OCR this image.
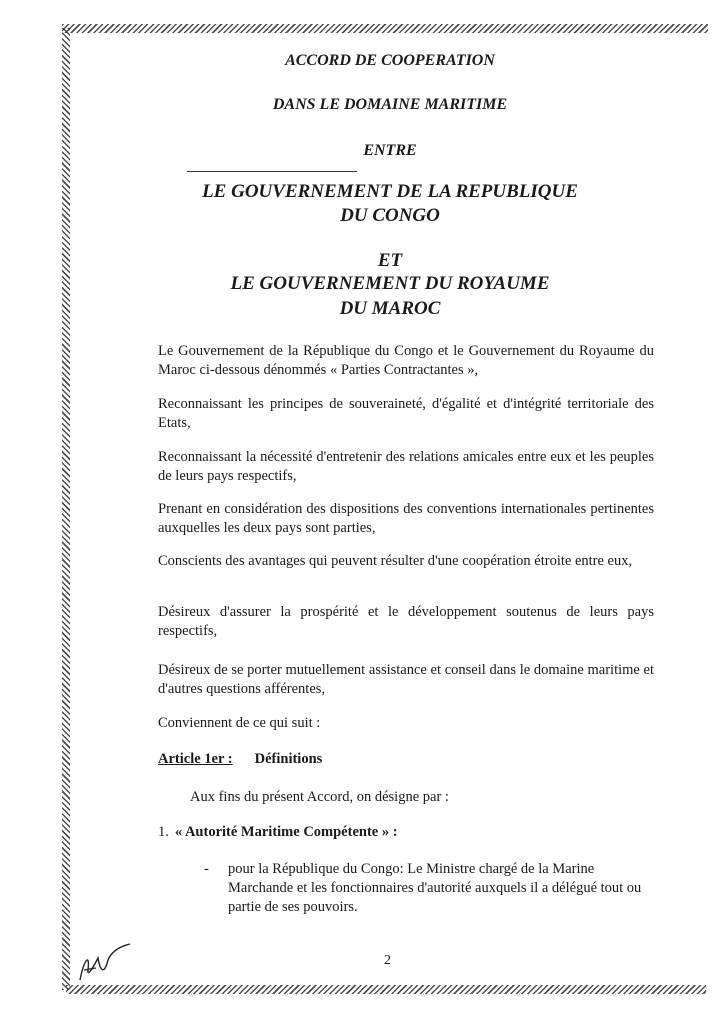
ACCORD DE COOPERATION

DANS LE DOMAINE MARITIME

ENTRE

LE GOUVERNEMENT DE LA REPUBLIQUE

DU CONGO

ET

LE GOUVERNEMENT DU ROYAUME

DU MAROC

Le Gouvernement de la République du Congo et le Gouvernement du Royaume du Maroc ci-dessous dénommés « Parties Contractantes »,

Reconnaissant les principes de souveraineté, d'égalité et d'intégrité territoriale des Etats,

Reconnaissant la nécessité d'entretenir des relations amicales entre eux et les peuples de leurs pays respectifs,

Prenant en considération des dispositions des conventions internationales pertinentes auxquelles les deux pays sont parties,

Conscients des avantages qui peuvent résulter d'une coopération étroite entre eux,

Désireux d'assurer la prospérité et le développement soutenus de leurs pays respectifs,

Désireux de se porter mutuellement assistance et conseil dans le domaine maritime et d'autres questions afférentes,

Conviennent de ce qui suit :

Article 1er : Définitions

Aux fins du présent Accord, on désigne par :

1. « Autorité Maritime Compétente » :

- pour la République du Congo: Le Ministre chargé de la Marine Marchande et les fonctionnaires d'autorité auxquels il a délégué tout ou partie de ses pouvoirs.

2
